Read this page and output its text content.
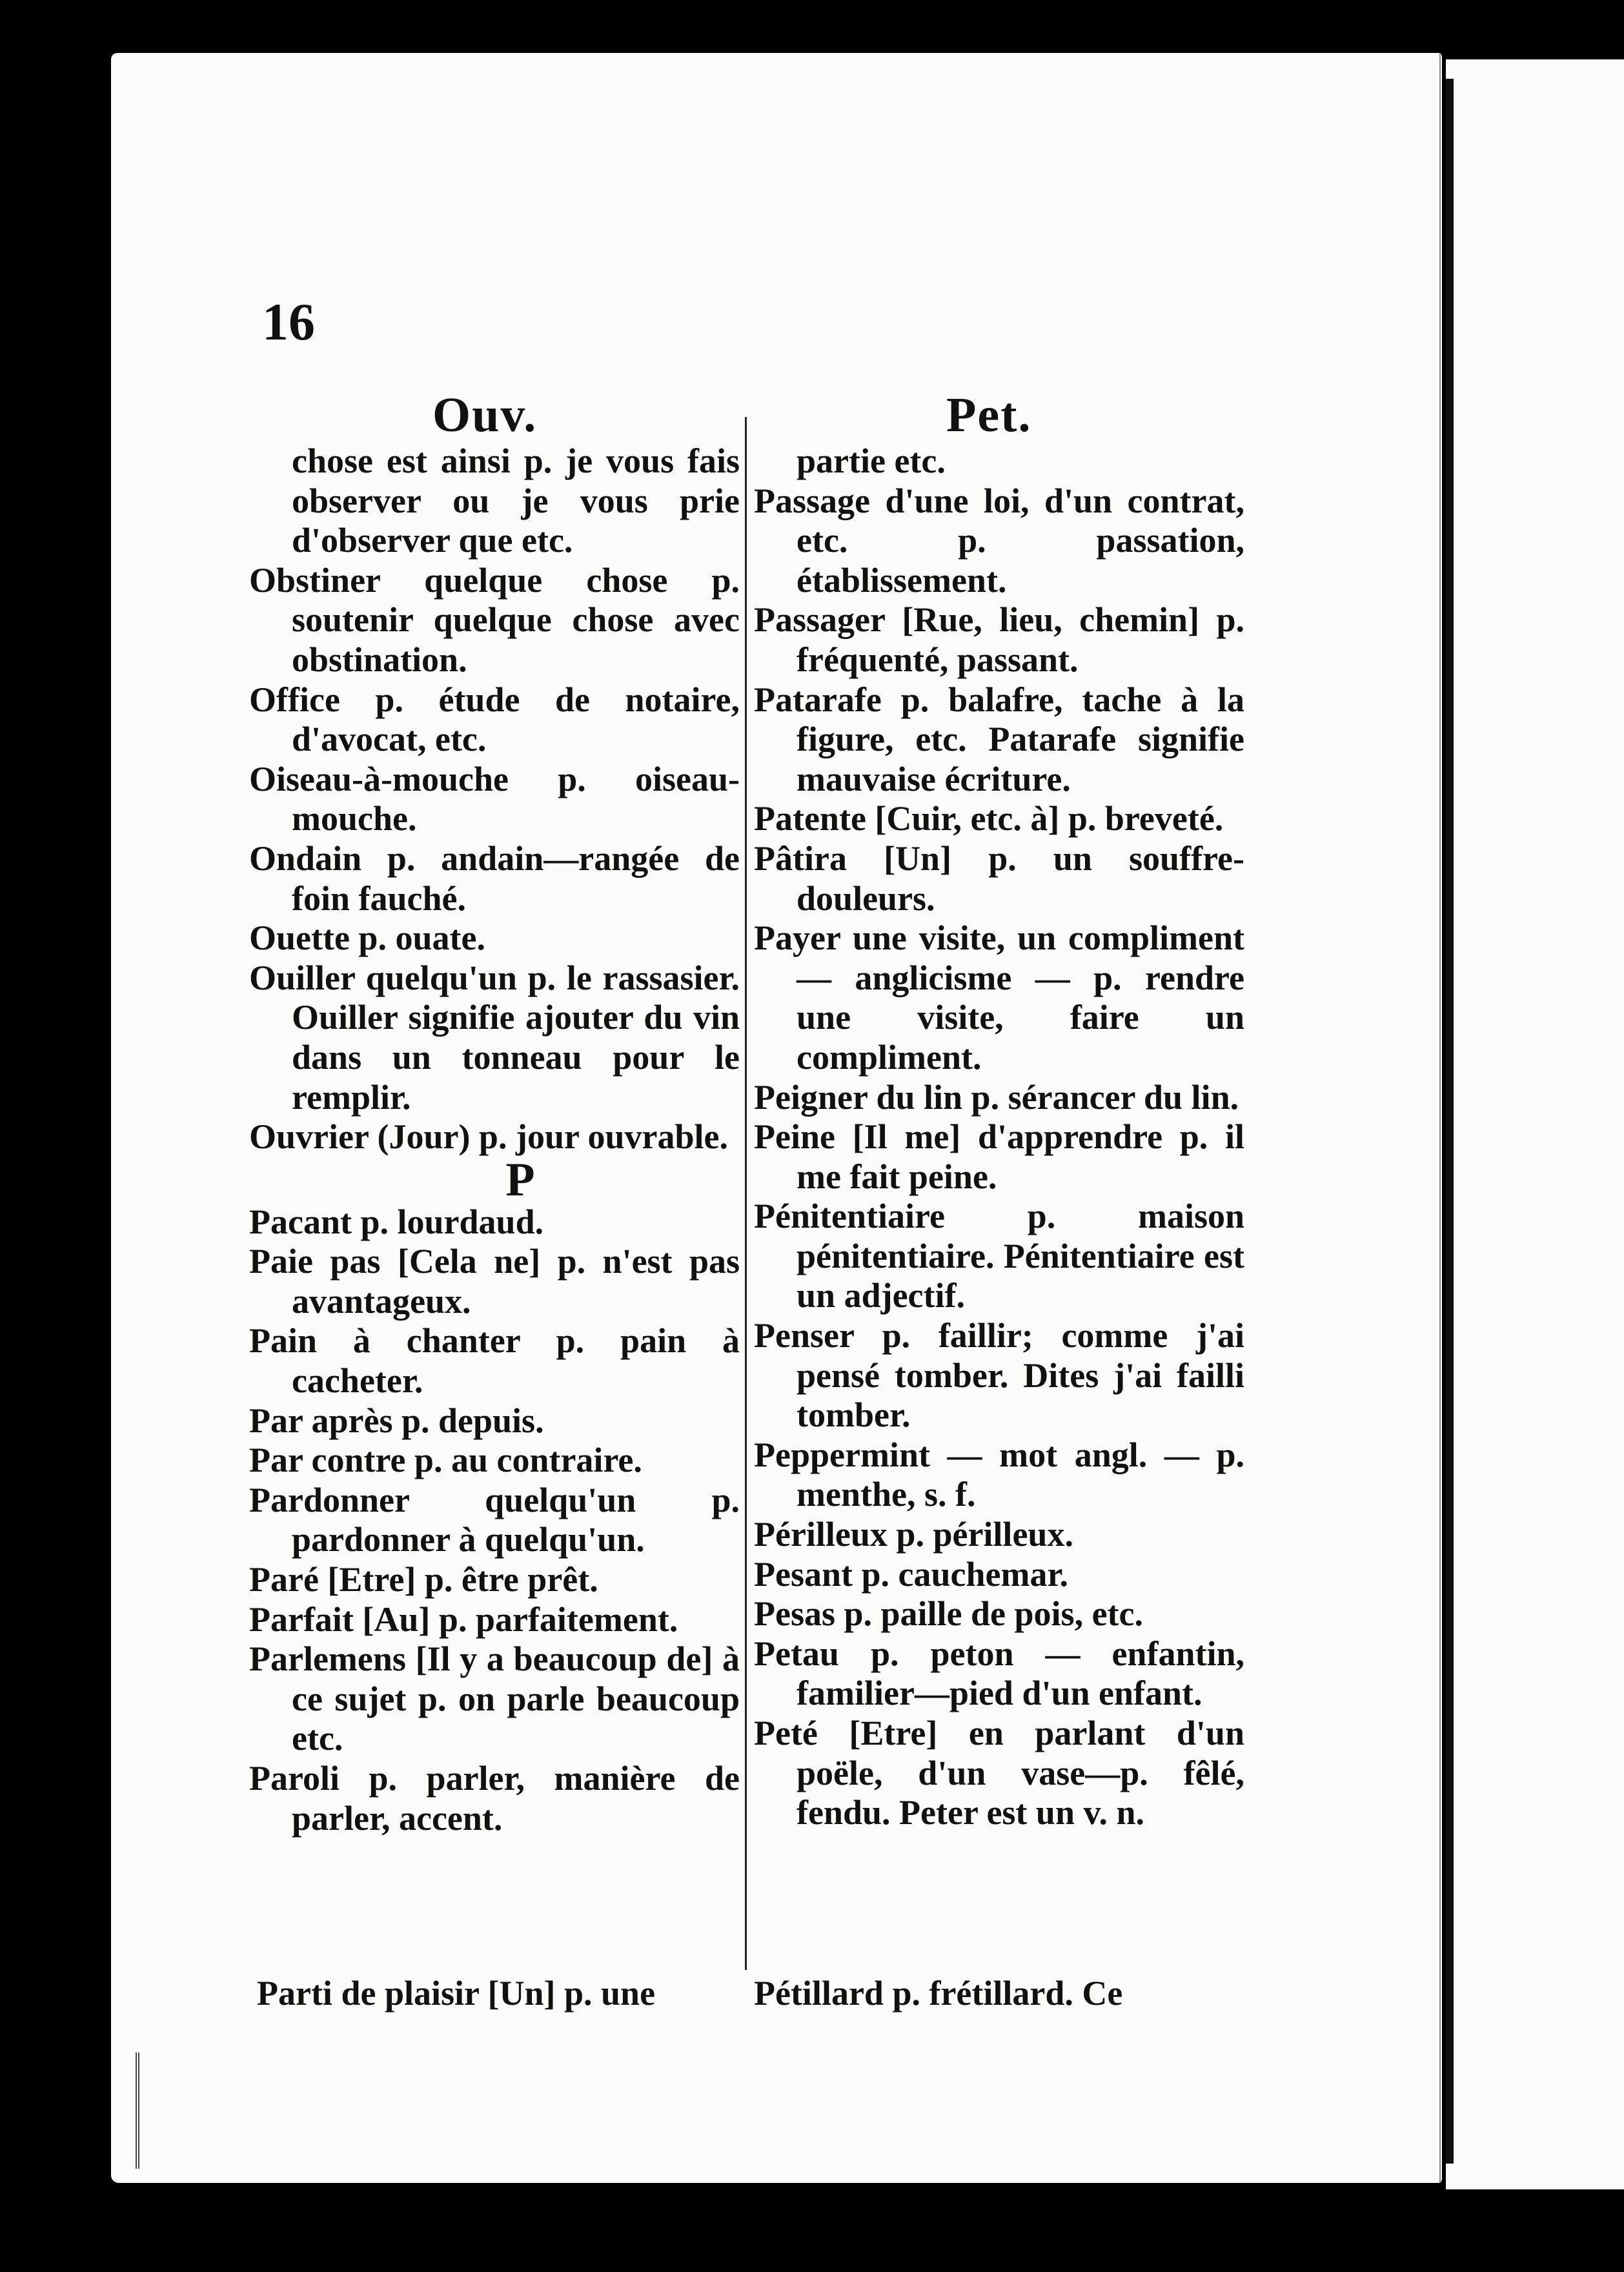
16
Ouv.	Pet.

chose est ainsi p. je vous fais observer ou je vous prie d'observer que etc.

Obstiner quelque chose p. soutenir quelque chose avec obstination.

Office p. étude de notaire, d'avocat, etc.

Oiseau-à-mouche p. oiseau-mouche.

Ondain p. andain—rangée de foin fauché.

Ouette p. ouate.

Ouiller quelqu'un p. le rassasier. Ouiller signifie ajouter du vin dans un tonneau pour le remplir.

Ouvrier (Jour) p. jour ouvrable.

P

Pacant p. lourdaud.

Paie pas [Cela ne] p. n'est pas avantageux.

Pain à chanter p. pain à cacheter.

Par après p. depuis.

Par contre p. au contraire.

Pardonner quelqu'un p. pardonner à quelqu'un.

Paré [Etre] p. être prêt.

Parfait [Au] p. parfaitement.

Parlemens [Il y a beaucoup de] à ce sujet p. on parle beaucoup etc.

Paroli p. parler, manière de parler, accent.

partie etc.

Passage d'une loi, d'un contrat, etc. p. passation, établissement.

Passager [Rue, lieu, chemin] p. fréquenté, passant.

Patarafe p. balafre, tache à la figure, etc. Patarafe signifie mauvaise écriture.

Patente [Cuir, etc. à] p. breveté.

Pâtira [Un] p. un souffre-douleurs.

Payer une visite, un compliment — anglicisme — p. rendre une visite, faire un compliment.

Peigner du lin p. sérancer du lin.

Peine [Il me] d'apprendre p. il me fait peine.

Pénitentiaire p. maison pénitentiaire. Pénitentiaire est un adjectif.

Penser p. faillir; comme j'ai pensé tomber. Dites j'ai failli tomber.

Peppermint — mot angl. — p. menthe, s. f.

Périlleux p. périlleux.

Pesant p. cauchemar.

Pesas p. paille de pois, etc.

Petau p. peton — enfantin, familier—pied d'un enfant.

Peté [Etre] en parlant d'un poële, d'un vase—p. fêlé, fendu. Peter est un v. n.

Parti de plaisir [Un] p. une	Pétillard p. frétillard. Ce
